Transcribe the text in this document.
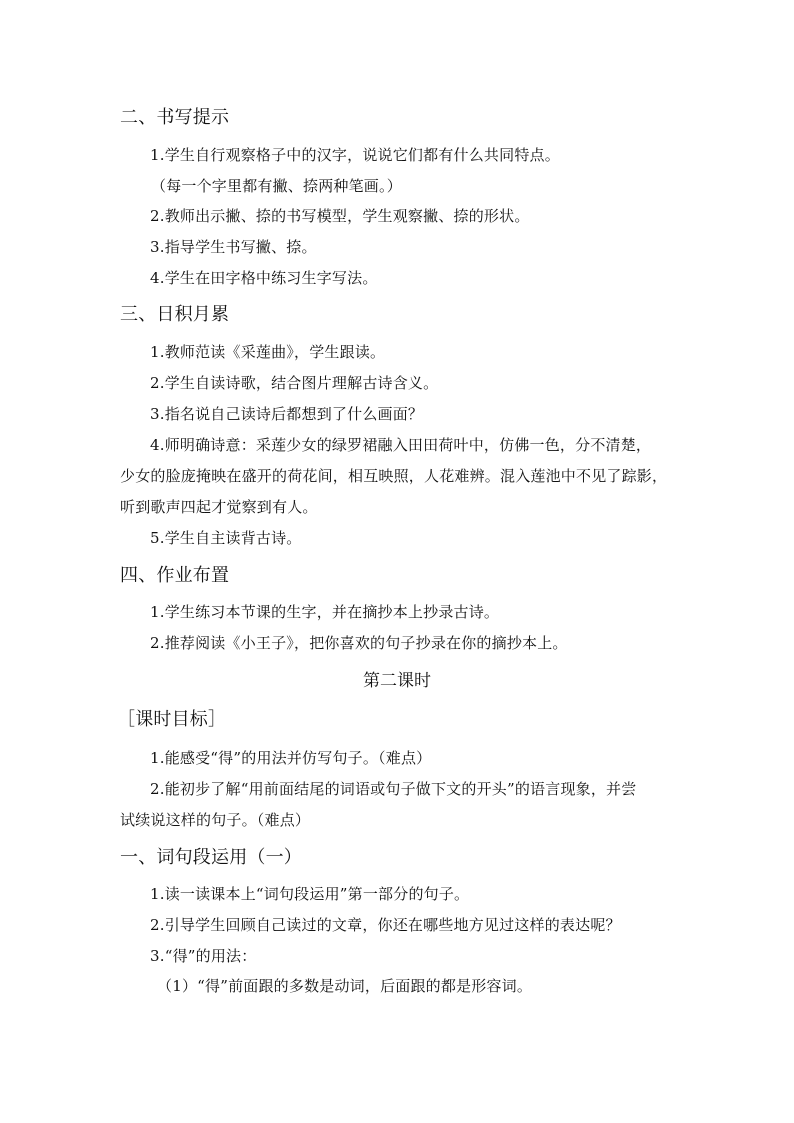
二、书写提示
1.学生自行观察格子中的汉字，说说它们都有什么共同特点。
（每一个字里都有撇、捺两种笔画。）
2.教师出示撇、捺的书写模型，学生观察撇、捺的形状。
3.指导学生书写撇、捺。
4.学生在田字格中练习生字写法。
三、日积月累
1.教师范读《采莲曲》，学生跟读。
2.学生自读诗歌，结合图片理解古诗含义。
3.指名说自己读诗后都想到了什么画面？
4.师明确诗意：采莲少女的绿罗裙融入田田荷叶中，仿佛一色，分不清楚，
少女的脸庞掩映在盛开的荷花间，相互映照，人花难辨。混入莲池中不见了踪影，
听到歌声四起才觉察到有人。
5.学生自主读背古诗。
四、作业布置
1.学生练习本节课的生字，并在摘抄本上抄录古诗。
2.推荐阅读《小王子》，把你喜欢的句子抄录在你的摘抄本上。
第二课时
［课时目标］
1.能感受“得”的用法并仿写句子。（难点）
2.能初步了解“用前面结尾的词语或句子做下文的开头”的语言现象，并尝
试续说这样的句子。（难点）
一、词句段运用（一）
1.读一读课本上“词句段运用”第一部分的句子。
2.引导学生回顾自己读过的文章，你还在哪些地方见过这样的表达呢？
3.“得”的用法：
（1）“得”前面跟的多数是动词，后面跟的都是形容词。
